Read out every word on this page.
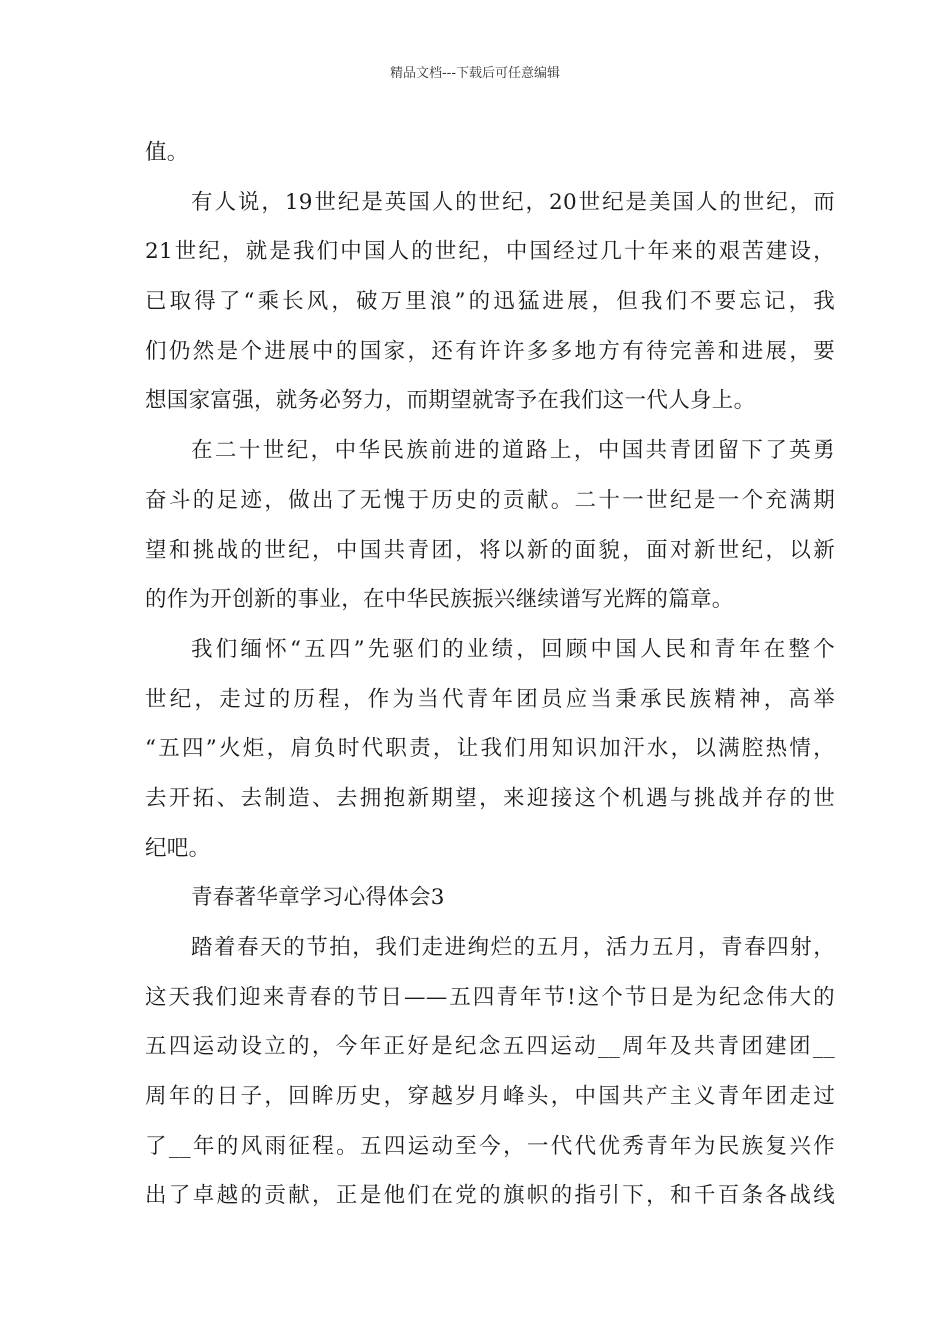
精品文档---下载后可任意编辑
值。
有人说，19世纪是英国人的世纪，20世纪是美国人的世纪，而
21世纪，就是我们中国人的世纪，中国经过几十年来的艰苦建设，
已取得了“乘长风，破万里浪”的迅猛进展，但我们不要忘记，我
们仍然是个进展中的国家，还有许许多多地方有待完善和进展，要
想国家富强，就务必努力，而期望就寄予在我们这一代人身上。
在二十世纪，中华民族前进的道路上，中国共青团留下了英勇
奋斗的足迹，做出了无愧于历史的贡献。二十一世纪是一个充满期
望和挑战的世纪，中国共青团，将以新的面貌，面对新世纪，以新
的作为开创新的事业，在中华民族振兴继续谱写光辉的篇章。
我们缅怀“五四”先驱们的业绩，回顾中国人民和青年在整个
世纪，走过的历程，作为当代青年团员应当秉承民族精神，高举
“五四”火炬，肩负时代职责，让我们用知识加汗水，以满腔热情，
去开拓、去制造、去拥抱新期望，来迎接这个机遇与挑战并存的世
纪吧。
青春著华章学习心得体会3
踏着春天的节拍，我们走进绚烂的五月，活力五月，青春四射，
这天我们迎来青春的节日——五四青年节!这个节日是为纪念伟大的
五四运动设立的，今年正好是纪念五四运动__周年及共青团建团__
周年的日子，回眸历史，穿越岁月峰头，中国共产主义青年团走过
了__年的风雨征程。五四运动至今，一代代优秀青年为民族复兴作
出了卓越的贡献，正是他们在党的旗帜的指引下，和千百条各战线
